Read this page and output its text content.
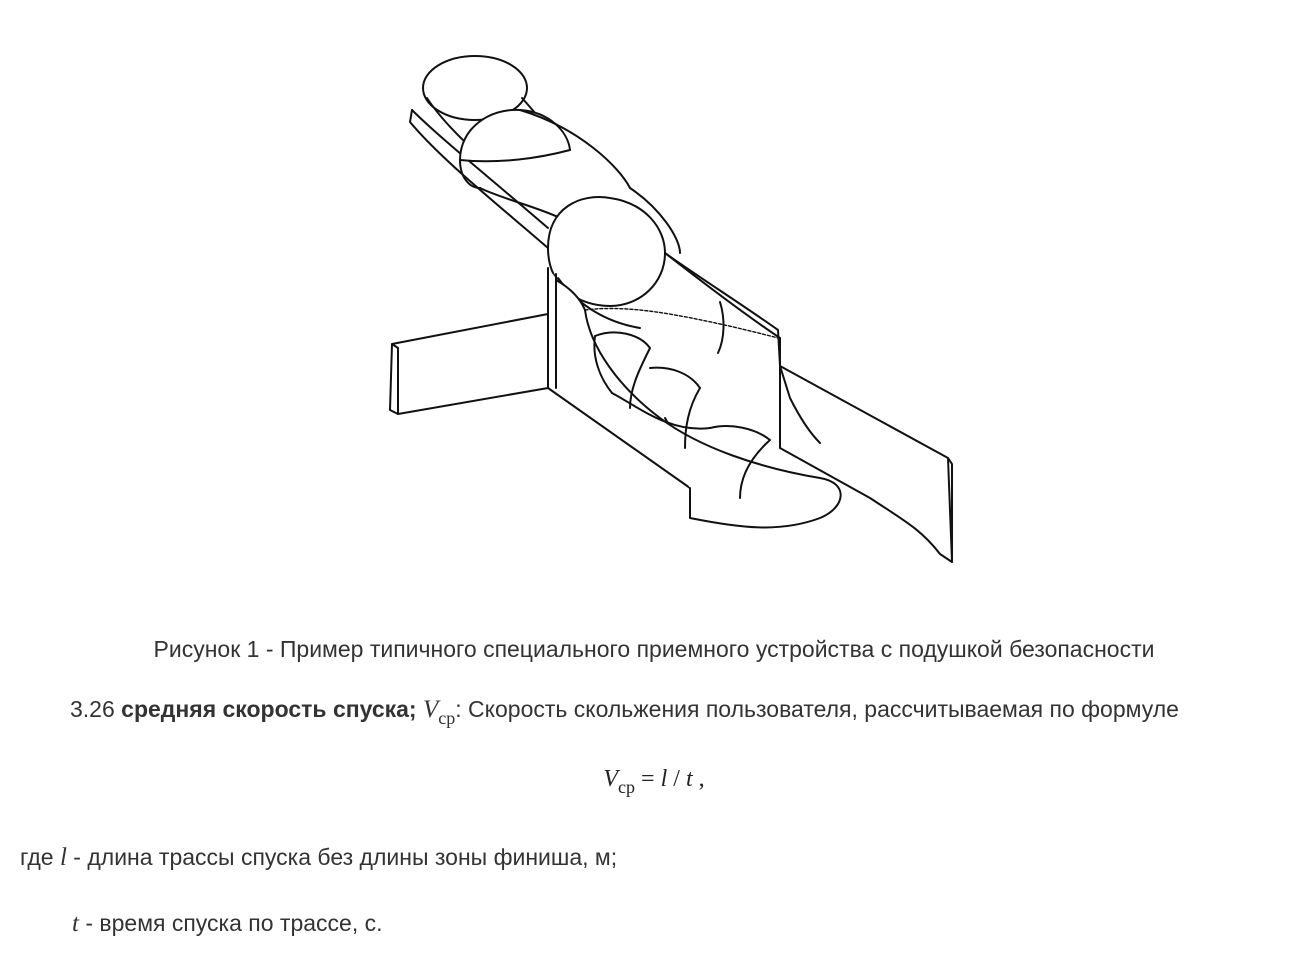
Рисунок 1 - Пример типичного специального приемного устройства с подушкой безопасности
3.26 средняя скорость спуска; $V_{ср}$: Скорость скольжения пользователя, рассчитываемая по формуле
$V_{ср} = l / t$ ,
где l - длина трассы спуска без длины зоны финиша, м;
t - время спуска по трассе, с.
